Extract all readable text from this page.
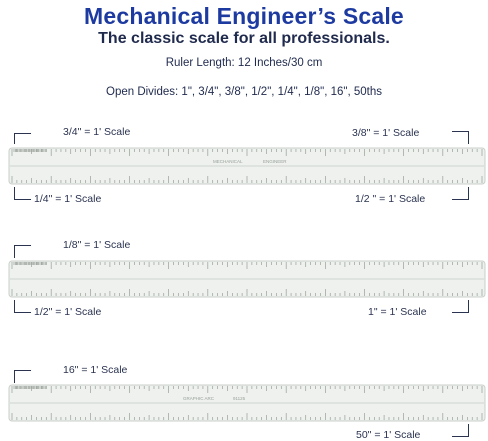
Mechanical Engineer’s Scale
The classic scale for all professionals.
Ruler Length: 12 Inches/30 cm
Open Divides: 1", 3/4", 3/8", 1/2", 1/4", 1/8", 16", 50ths
3/4" = 1' Scale	3/8" = 1' Scale
MECHANICAL	ENGINEER
1/4" = 1' Scale	1/2 " = 1' Scale
1/8" = 1' Scale
1/2" = 1' Scale	1" = 1' Scale
16" = 1' Scale
GRAPHIC ARC	91125
50" = 1' Scale
